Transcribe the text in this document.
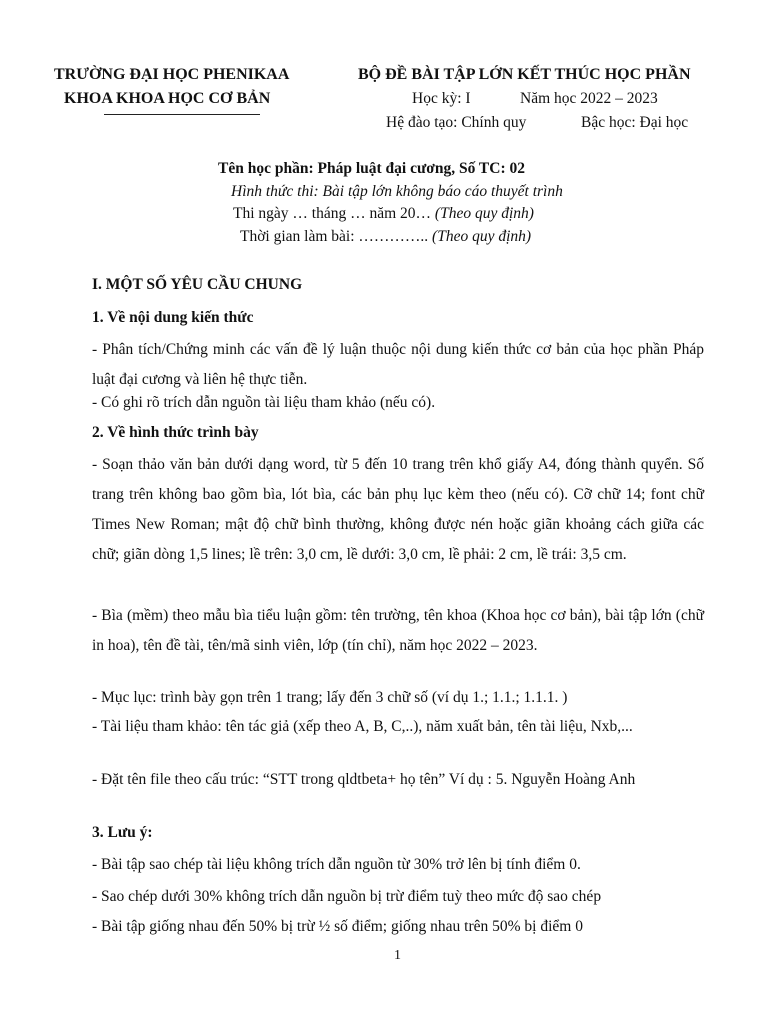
TRƯỜNG ĐẠI HỌC PHENIKAA
KHOA KHOA HỌC CƠ BẢN
BỘ ĐỀ BÀI TẬP LỚN KẾT THÚC HỌC PHẦN
Học kỳ: I	Năm học 2022 – 2023
Hệ đào tạo: Chính quy	Bậc học: Đại học
Tên học phần: Pháp luật đại cương, Số TC: 02
Hình thức thi: Bài tập lớn không báo cáo thuyết trình
Thi ngày … tháng … năm 20… (Theo quy định)
Thời gian làm bài: ………….. (Theo quy định)
I. MỘT SỐ YÊU CẦU CHUNG
1. Về nội dung kiến thức
- Phân tích/Chứng minh các vấn đề lý luận thuộc nội dung kiến thức cơ bản của học phần Pháp luật đại cương và liên hệ thực tiễn.
- Có ghi rõ trích dẫn nguồn tài liệu tham khảo (nếu có).
2. Về hình thức trình bày
- Soạn thảo văn bản dưới dạng word, từ 5 đến 10 trang trên khổ giấy A4, đóng thành quyển. Số trang trên không bao gồm bìa, lót bìa, các bản phụ lục kèm theo (nếu có). Cỡ chữ 14; font chữ Times New Roman; mật độ chữ bình thường, không được nén hoặc giãn khoảng cách giữa các chữ; giãn dòng 1,5 lines; lề trên: 3,0 cm, lề dưới: 3,0 cm, lề phải: 2 cm, lề trái: 3,5 cm.
- Bìa (mềm) theo mẫu bìa tiểu luận gồm: tên trường, tên khoa (Khoa học cơ bản), bài tập lớn (chữ in hoa), tên đề tài, tên/mã sinh viên, lớp (tín chỉ), năm học 2022 – 2023.
- Mục lục: trình bày gọn trên 1 trang; lấy đến 3 chữ số (ví dụ 1.; 1.1.; 1.1.1. )
- Tài liệu tham khảo: tên tác giả (xếp theo A, B, C,..), năm xuất bản, tên tài liệu, Nxb,...
- Đặt tên file theo cấu trúc: “STT trong qldtbeta+ họ tên” Ví dụ : 5. Nguyễn Hoàng Anh
3. Lưu ý:
- Bài tập sao chép tài liệu không trích dẫn nguồn từ 30% trở lên bị tính điểm 0.
- Sao chép dưới 30% không trích dẫn nguồn bị trừ điểm tuỳ theo mức độ sao chép
- Bài tập giống nhau đến 50% bị trừ ½ số điểm; giống nhau trên 50% bị điểm 0
1
